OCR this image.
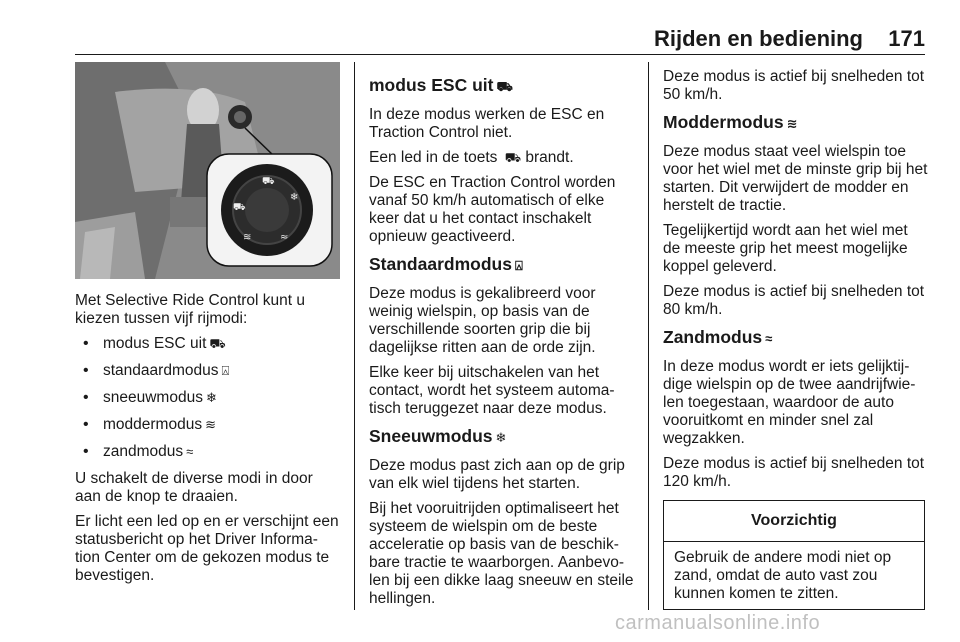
Rijden en bediening 171
⛟
⛟
❄
≋	≈

Met Selective Ride Control kunt u kiezen tussen vijf rijmodi:

• modus ESC uit ⛟
• standaardmodus ⍓
• sneeuwmodus ❄
• moddermodus ≋
• zandmodus ≈

U schakelt de diverse modi in door aan de knop te draaien.

Er licht een led op en er verschijnt een statusbericht op het Driver Informa-tion Center om de gekozen modus te bevestigen.

modus ESC uit ⛟

In deze modus werken de ESC en Traction Control niet.

Een led in de toets ⛟ brandt.

De ESC en Traction Control worden vanaf 50 km/h automatisch of elke keer dat u het contact inschakelt opnieuw geactiveerd.

Standaardmodus ⍓

Deze modus is gekalibreerd voor weinig wielspin, op basis van de verschillende soorten grip die bij dagelijkse ritten aan de orde zijn.

Elke keer bij uitschakelen van het contact, wordt het systeem automa-tisch teruggezet naar deze modus.

Sneeuwmodus ❄

Deze modus past zich aan op de grip van elk wiel tijdens het starten.

Bij het vooruitrijden optimaliseert het systeem de wielspin om de beste acceleratie op basis van de beschik-bare tractie te waarborgen. Aanbevo-len bij een dikke laag sneeuw en steile hellingen.

Deze modus is actief bij snelheden tot 50 km/h.

Moddermodus ≋

Deze modus staat veel wielspin toe voor het wiel met de minste grip bij het starten. Dit verwijdert de modder en herstelt de tractie.

Tegelijkertijd wordt aan het wiel met de meeste grip het meest mogelijke koppel geleverd.

Deze modus is actief bij snelheden tot 80 km/h.

Zandmodus ≈

In deze modus wordt er iets gelijktij-dige wielspin op de twee aandrijfwie-len toegestaan, waardoor de auto vooruitkomt en minder snel zal wegzakken.

Deze modus is actief bij snelheden tot 120 km/h.

Voorzichtig
Gebruik de andere modi niet op zand, omdat de auto vast zou kunnen komen te zitten.
carmanualsonline.info
